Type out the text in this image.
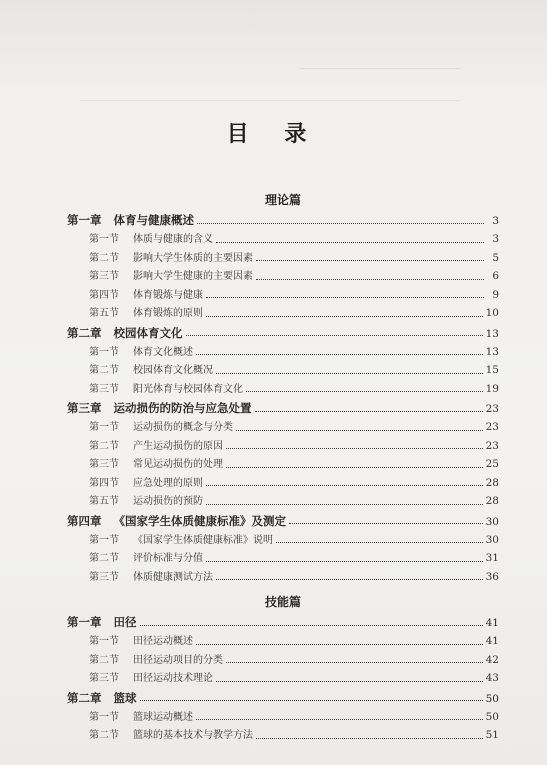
目 录
理论篇
第一章 体育与健康概述	3
第一节 体质与健康的含义	3
第二节 影响大学生体质的主要因素	5
第三节 影响大学生健康的主要因素	6
第四节 体育锻炼与健康	9
第五节 体育锻炼的原则	10
第二章 校园体育文化	13
第一节 体育文化概述	13
第二节 校园体育文化概况	15
第三节 阳光体育与校园体育文化	19
第三章 运动损伤的防治与应急处置	23
第一节 运动损伤的概念与分类	23
第二节 产生运动损伤的原因	23
第三节 常见运动损伤的处理	25
第四节 应急处理的原则	28
第五节 运动损伤的预防	28
第四章 《国家学生体质健康标准》及测定	30
第一节 《国家学生体质健康标准》说明	30
第二节 评价标准与分值	31
第三节 体质健康测试方法	36
技能篇
第一章 田径	41
第一节 田径运动概述	41
第二节 田径运动项目的分类	42
第三节 田径运动技术理论	43
第二章 篮球	50
第一节 篮球运动概述	50
第二节 篮球的基本技术与教学方法	51
